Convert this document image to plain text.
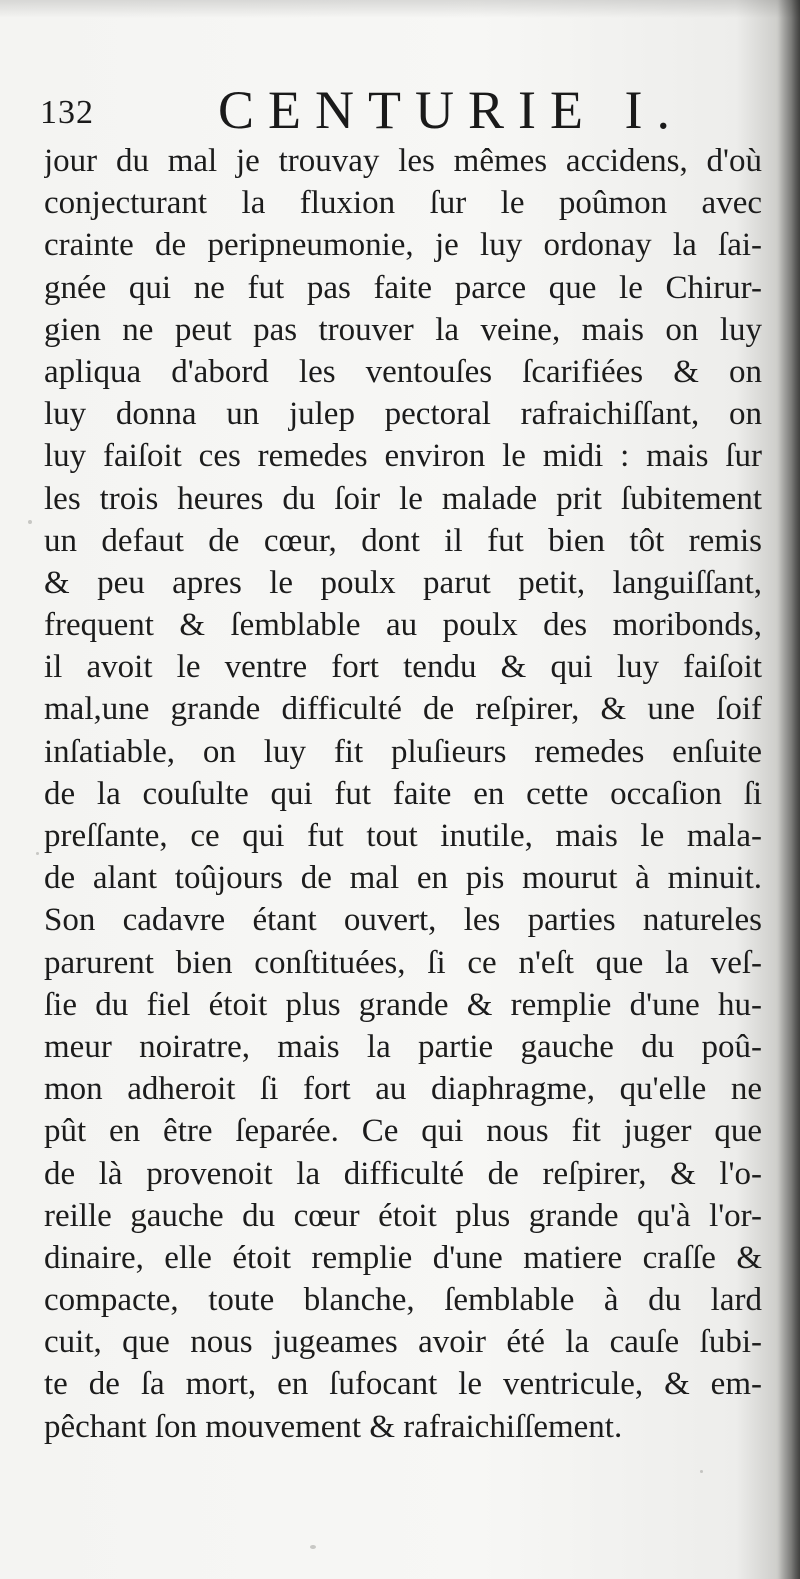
132 CENTURIE I.
jour du mal je trouvay les mêmes accidens, d'où
conjecturant la fluxion ſur le poûmon avec
crainte de peripneumonie, je luy ordonay la ſai-
gnée qui ne fut pas faite parce que le Chirur-
gien ne peut pas trouver la veine, mais on luy
apliqua d'abord les ventouſes ſcarifiées & on
luy donna un julep pectoral rafraichiſſant, on
luy faiſoit ces remedes environ le midi : mais ſur
les trois heures du ſoir le malade prit ſubitement
un defaut de cœur, dont il fut bien tôt remis
& peu apres le poulx parut petit, languiſſant,
frequent & ſemblable au poulx des moribonds,
il avoit le ventre fort tendu & qui luy faiſoit
mal,une grande difficulté de reſpirer, & une ſoif
inſatiable, on luy fit pluſieurs remedes enſuite
de la couſulte qui fut faite en cette occaſion ſi
preſſante, ce qui fut tout inutile, mais le mala-
de alant toûjours de mal en pis mourut à minuit.
Son cadavre étant ouvert, les parties natureles
parurent bien conſtituées, ſi ce n'eſt que la veſ-
ſie du fiel étoit plus grande & remplie d'une hu-
meur noiratre, mais la partie gauche du poû-
mon adheroit ſi fort au diaphragme, qu'elle ne
pût en être ſeparée. Ce qui nous fit juger que
de là provenoit la difficulté de reſpirer, & l'o-
reille gauche du cœur étoit plus grande qu'à l'or-
dinaire, elle étoit remplie d'une matiere craſſe &
compacte, toute blanche, ſemblable à du lard
cuit, que nous jugeames avoir été la cauſe ſubi-
te de ſa mort, en ſufocant le ventricule, & em-
pêchant ſon mouvement & rafraichiſſement.
